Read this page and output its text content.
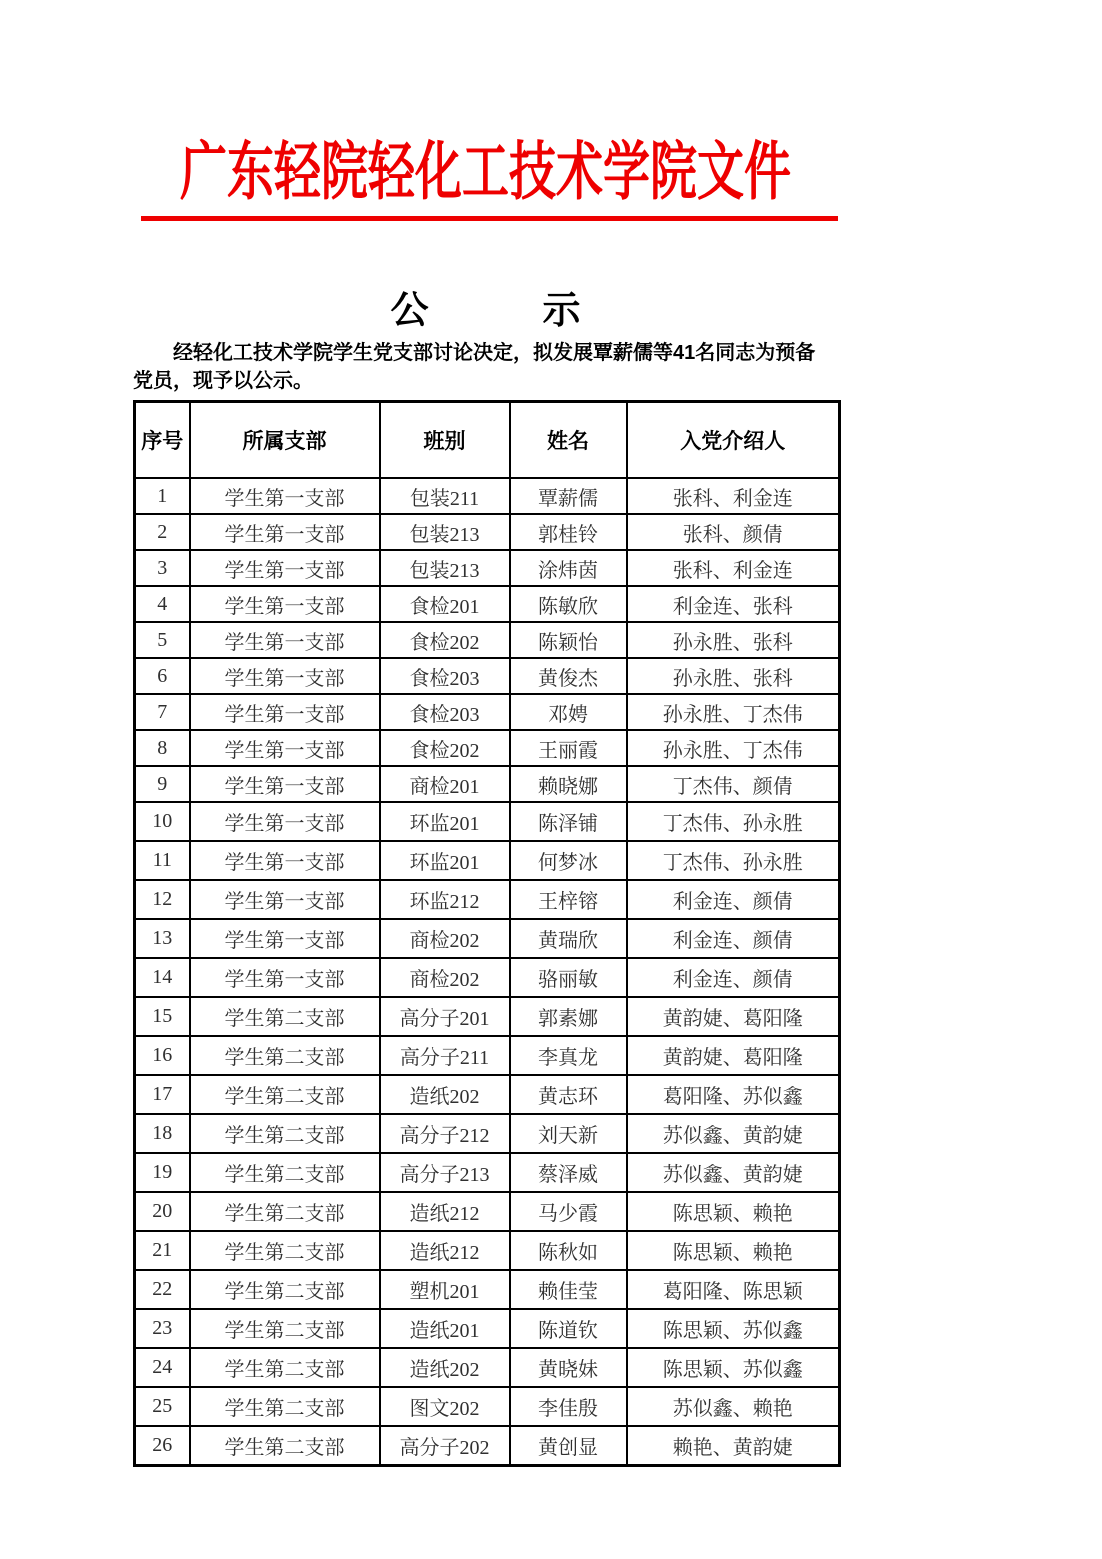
广东轻院轻化工技术学院文件
公　　　示

经轻化工技术学院学生党支部讨论决定，拟发展覃薪儒等41名同志为预备党员，现予以公示。

序号	所属支部	班别	姓名	入党介绍人
1	学生第一支部	包装211	覃薪儒	张科、利金连
2	学生第一支部	包装213	郭桂铃	张科、颜倩
3	学生第一支部	包装213	涂炜茵	张科、利金连
4	学生第一支部	食检201	陈敏欣	利金连、张科
5	学生第一支部	食检202	陈颖怡	孙永胜、张科
6	学生第一支部	食检203	黄俊杰	孙永胜、张科
7	学生第一支部	食检203	邓娉	孙永胜、丁杰伟
8	学生第一支部	食检202	王丽霞	孙永胜、丁杰伟
9	学生第一支部	商检201	赖晓娜	丁杰伟、颜倩
10	学生第一支部	环监201	陈泽铺	丁杰伟、孙永胜
11	学生第一支部	环监201	何梦冰	丁杰伟、孙永胜
12	学生第一支部	环监212	王梓镕	利金连、颜倩
13	学生第一支部	商检202	黄瑞欣	利金连、颜倩
14	学生第一支部	商检202	骆丽敏	利金连、颜倩
15	学生第二支部	高分子201	郭素娜	黄韵婕、葛阳隆
16	学生第二支部	高分子211	李真龙	黄韵婕、葛阳隆
17	学生第二支部	造纸202	黄志环	葛阳隆、苏似鑫
18	学生第二支部	高分子212	刘天新	苏似鑫、黄韵婕
19	学生第二支部	高分子213	蔡泽威	苏似鑫、黄韵婕
20	学生第二支部	造纸212	马少霞	陈思颖、赖艳
21	学生第二支部	造纸212	陈秋如	陈思颖、赖艳
22	学生第二支部	塑机201	赖佳莹	葛阳隆、陈思颖
23	学生第二支部	造纸201	陈道钦	陈思颖、苏似鑫
24	学生第二支部	造纸202	黄晓妹	陈思颖、苏似鑫
25	学生第二支部	图文202	李佳殷	苏似鑫、赖艳
26	学生第二支部	高分子202	黄创显	赖艳、黄韵婕
